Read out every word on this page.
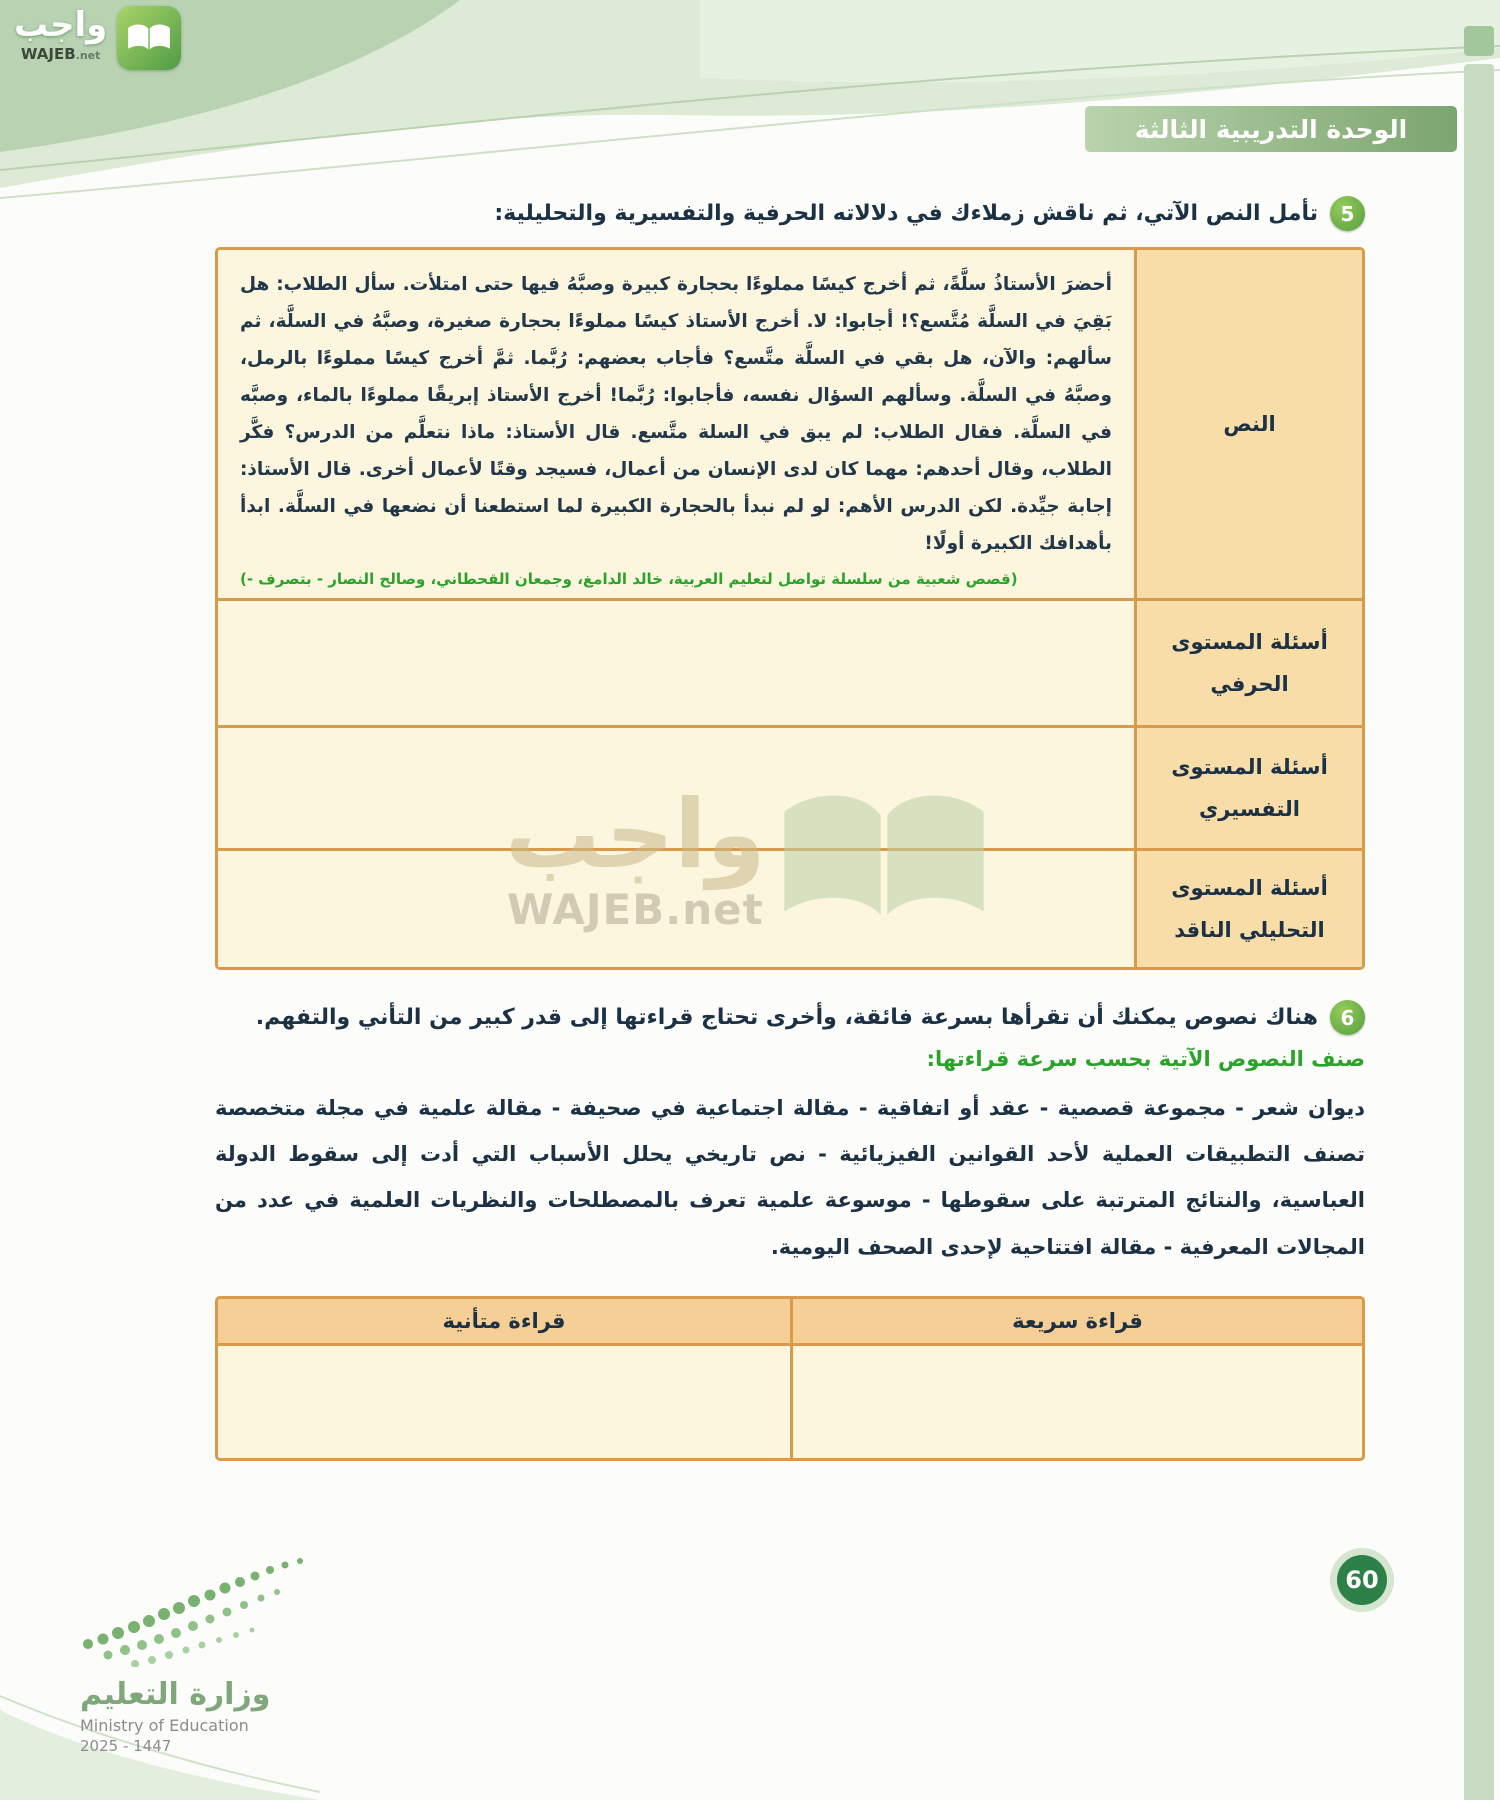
واجب
WAJEB.net
الوحدة التدريبية الثالثة
5
تأمل النص الآتي، ثم ناقش زملاءك في دلالاته الحرفية والتفسيرية والتحليلية:
النص

أحضرَ الأستاذُ سلَّةً، ثم أخرج كيسًا مملوءًا بحجارة كبيرة وصبَّهُ فيها حتى امتلأت. سأل الطلاب: هل بَقِيَ في السلَّة مُتَّسع؟! أجابوا: لا. أخرج الأستاذ كيسًا مملوءًا بحجارة صغيرة، وصبَّهُ في السلَّة، ثم سألهم: والآن، هل بقي في السلَّة متَّسع؟ فأجاب بعضهم: رُبَّما. ثمَّ أخرج كيسًا مملوءًا بالرمل، وصبَّهُ في السلَّة. وسألهم السؤال نفسه، فأجابوا: رُبَّما! أخرج الأستاذ إبريقًا مملوءًا بالماء، وصبَّه في السلَّة. فقال الطلاب: لم يبق في السلة متَّسع. قال الأستاذ: ماذا نتعلَّم من الدرس؟ فكَّر الطلاب، وقال أحدهم: مهما كان لدى الإنسان من أعمال، فسيجد وقتًا لأعمال أخرى. قال الأستاذ: إجابة جيِّدة. لكن الدرس الأهم: لو لم نبدأ بالحجارة الكبيرة لما استطعنا أن نضعها في السلَّة. ابدأ بأهدافك الكبيرة أولًا!

(قصص شعبية من سلسلة تواصل لتعليم العربية، خالد الدامغ، وجمعان القحطاني، وصالح النصار - بتصرف -)

أسئلة المستوى الحرفي
أسئلة المستوى التفسيري
أسئلة المستوى التحليلي الناقد
6
هناك نصوص يمكنك أن تقرأها بسرعة فائقة، وأخرى تحتاج قراءتها إلى قدر كبير من التأني والتفهم.
صنف النصوص الآتية بحسب سرعة قراءتها:

ديوان شعر - مجموعة قصصية - عقد أو اتفاقية - مقالة اجتماعية في صحيفة - مقالة علمية في مجلة متخصصة تصنف التطبيقات العملية لأحد القوانين الفيزيائية - نص تاريخي يحلل الأسباب التي أدت إلى سقوط الدولة العباسية، والنتائج المترتبة على سقوطها - موسوعة علمية تعرف بالمصطلحات والنظريات العلمية في عدد من المجالات المعرفية - مقالة افتتاحية لإحدى الصحف اليومية.

قراءة سريعة
قراءة متأنية
واجب
WAJEB.net
وزارة التعليم
Ministry of Education
2025 - 1447
60
